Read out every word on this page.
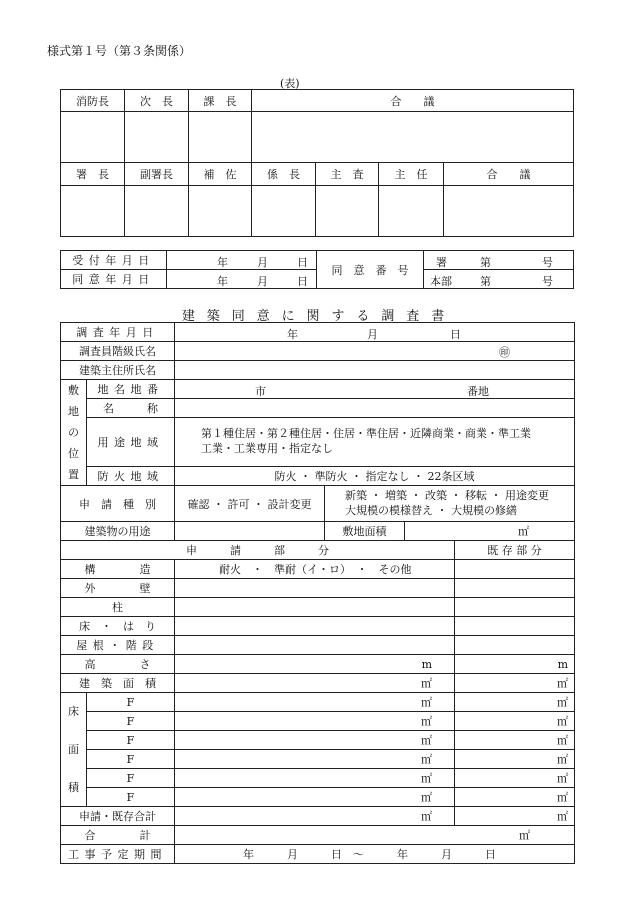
様式第１号（第３条関係）
(表)
消防長	次　長	課　長	合　　議			

署　長	副署長	補　佐	係　長	主　査	主　任	合　　議

受付年月日	年 月 日	同　意　番　号	署 第 号

同意年月日	年 月 日		本部 第 号
建 築 同 意 に 関 す る 調 査 書
調査年月日		年 月 日			

調査員階級氏名		㊞			

建築主住所氏名					
敷
地
の
位
置	地名地番	市 番地			

	名　　　称				
	用途地域	第１種住居・第２種住居・住居・準住居・近隣商業・商業・準工業
工業・工業専用・指定なし			

	防火地域	防火 ・ 準防火 ・ 指定なし ・ 22条区域			
申　請　種　別		確認 ・ 許可 ・ 設計変更	新築 ・ 増築 ・ 改築 ・ 移転 ・ 用途変更
大規模の模様替え ・ 大規模の修繕		
建築物の用途			敷地面積	㎡	
申　　　請　　　部　　　分					既 存 部 分
構　　　　造		耐火　・　準耐（イ・ロ）　・　その他			
外　　　　壁					
柱					
床　・　は　り					
屋根・階段					
高　　　　さ		m			m
建　築　面　積		㎡			㎡
床

面

積	F	㎡			㎡
	F	㎡			㎡
	F	㎡			㎡
	F	㎡			㎡
	F	㎡			㎡
	F	㎡			㎡
申請・既存合計		㎡			㎡
合　　　　計		㎡			
工事予定期間		年　　　月　　　日　～　　　年　　　月　　　日			
